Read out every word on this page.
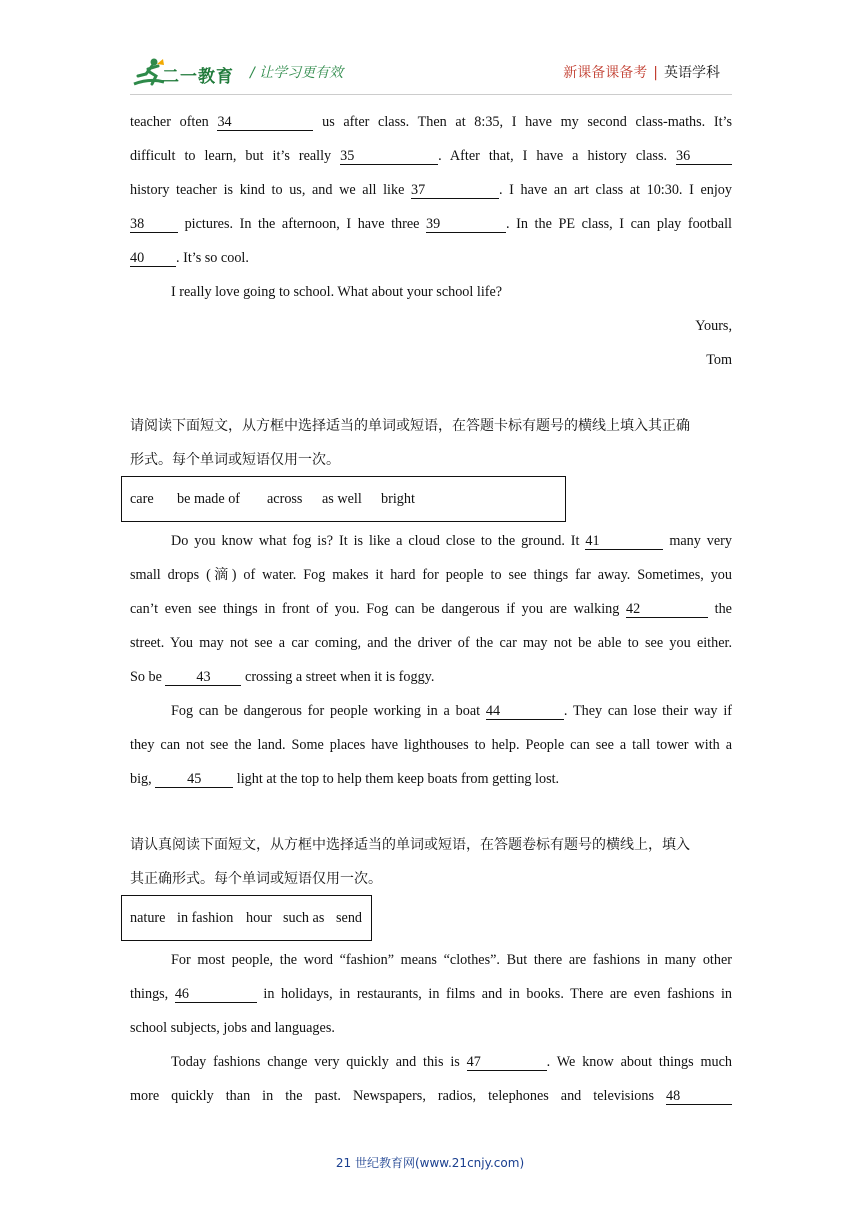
二一教育 / 让学习更有效	新课备课备考 | 英语学科
teacher often 34	us after class. Then at 8:35, I have my second class-maths. It’s
difficult to learn, but it’s really 35	. After that, I have a history class. 36
history teacher is kind to us, and we all like 37	. I have an art class at 10:30. I enjoy
38 pictures. In the afternoon, I have three 39	. In the PE class, I can play football
40 . It’s so cool.
I really love going to school. What about your school life?
Yours,
Tom
请阅读下面短文，从方框中选择适当的单词或短语，在答题卡标有题号的横线上填入其正确
形式。每个单词或短语仅用一次。

care

be made of

across

as well

bright

Do you know what fog is? It is like a cloud close to the ground. It 41	many very
small drops (滴) of water. Fog makes it hard for people to see things far away. Sometimes, you
can’t even see things in front of you. Fog can be dangerous if you are walking 42	the
street. You may not see a car coming, and the driver of the car may not be able to see you either.
So be 43 crossing a street when it is foggy.
Fog can be dangerous for people working in a boat 44	. They can lose their way if
they can not see the land. Some places have lighthouses to help. People can see a tall tower with a
big, 45 light at the top to help them keep boats from getting lost.
请认真阅读下面短文，从方框中选择适当的单词或短语，在答题卷标有题号的横线上，填入
其正确形式。每个单词或短语仅用一次。

nature

in fashion

hour

such as

send

For most people, the word “fashion” means “clothes”. But there are fashions in many other
things, 46	in holidays, in restaurants, in films and in books. There are even fashions in
school subjects, jobs and languages.
Today fashions change very quickly and this is 47	. We know about things much
more quickly than in the past. Newspapers, radios, telephones and televisions 48
21 世纪教育网(www.21cnjy.com)
